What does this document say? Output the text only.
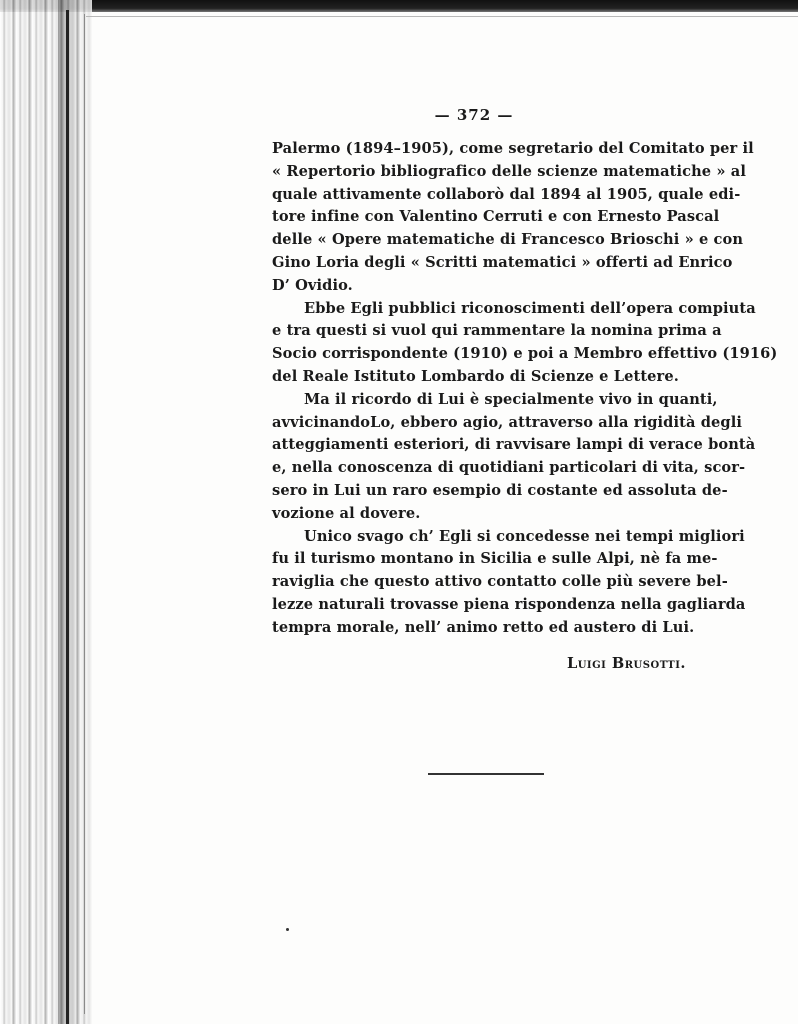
— 372 —
Palermo (1894–1905), come segretario del Comitato per il
« Repertorio bibliografico delle scienze matematiche » al
quale attivamente collaborò dal 1894 al 1905, quale edi-
tore infine con Valentino Cerruti e con Ernesto Pascal
delle « Opere matematiche di Francesco Brioschi » e con
Gino Loria degli « Scritti matematici » offerti ad Enrico
D’ Ovidio.
Ebbe Egli pubblici riconoscimenti dell’opera compiuta
e tra questi si vuol qui rammentare la nomina prima a
Socio corrispondente (1910) e poi a Membro effettivo (1916)
del Reale Istituto Lombardo di Scienze e Lettere.
Ma il ricordo di Lui è specialmente vivo in quanti,
avvicinandoLo, ebbero agio, attraverso alla rigidità degli
atteggiamenti esteriori, di ravvisare lampi di verace bontà
e, nella conoscenza di quotidiani particolari di vita, scor-
sero in Lui un raro esempio di costante ed assoluta de-
vozione al dovere.
Unico svago ch’ Egli si concedesse nei tempi migliori
fu il turismo montano in Sicilia e sulle Alpi, nè fa me-
raviglia che questo attivo contatto colle più severe bel-
lezze naturali trovasse piena rispondenza nella gagliarda
tempra morale, nell’ animo retto ed austero di Lui.
Luigi Brusotti.
